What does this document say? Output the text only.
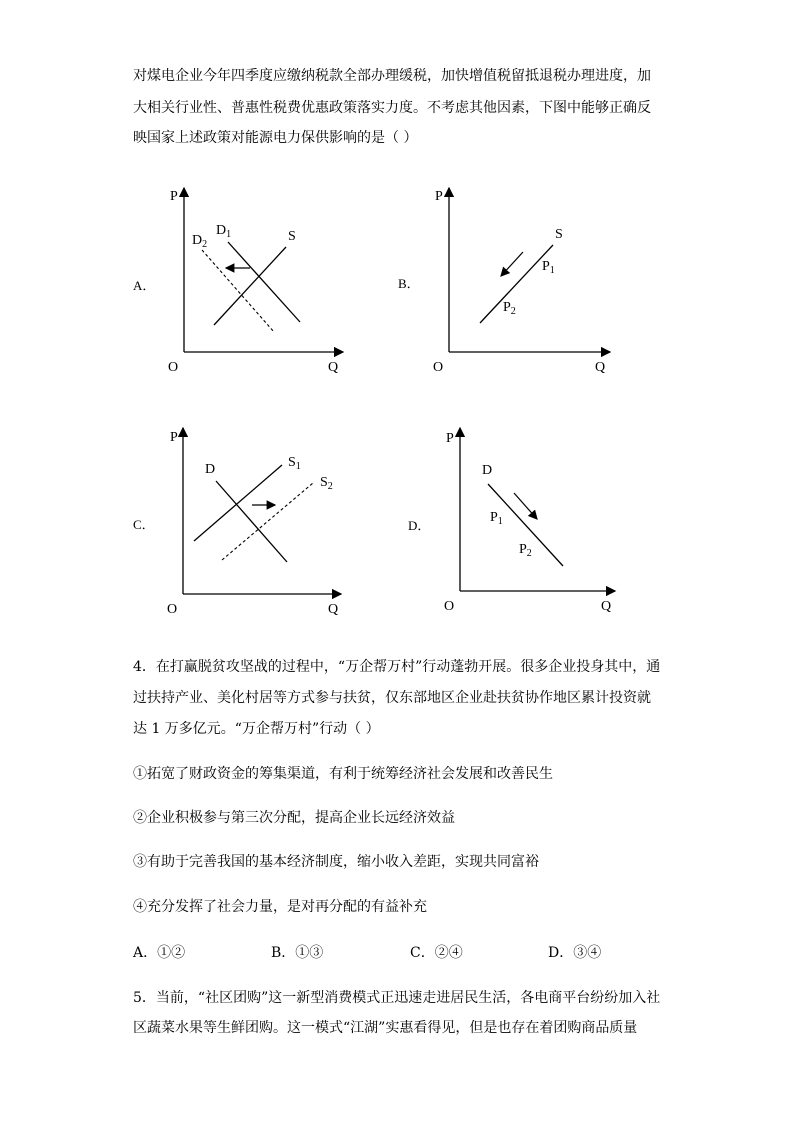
对煤电企业今年四季度应缴纳税款全部办理缓税，加快增值税留抵退税办理进度，加
大相关行业性、普惠性税费优惠政策落实力度。不考虑其他因素，下图中能够正确反
映国家上述政策对能源电力保供影响的是（ ）
A．	B．
C．	D．
P
O	Q
$D_1$
$D_2$
S
P
O	Q
S
$P_1$
$P_2$
P
O	Q
D	$S_1$
$S_2$
P
O	Q
D
$P_1$
$P_2$
4．在打赢脱贫攻坚战的过程中，“万企帮万村”行动蓬勃开展。很多企业投身其中，通
过扶持产业、美化村居等方式参与扶贫，仅东部地区企业赴扶贫协作地区累计投资就
达 1 万多亿元。“万企帮万村”行动（ ）
①拓宽了财政资金的筹集渠道，有利于统筹经济社会发展和改善民生
②企业积极参与第三次分配，提高企业长远经济效益
③有助于完善我国的基本经济制度，缩小收入差距，实现共同富裕
④充分发挥了社会力量，是对再分配的有益补充
A．①②	B．①③	C．②④	D．③④
5．当前，“社区团购”这一新型消费模式正迅速走进居民生活，各电商平台纷纷加入社
区蔬菜水果等生鲜团购。这一模式“江湖”实惠看得见，但是也存在着团购商品质量
